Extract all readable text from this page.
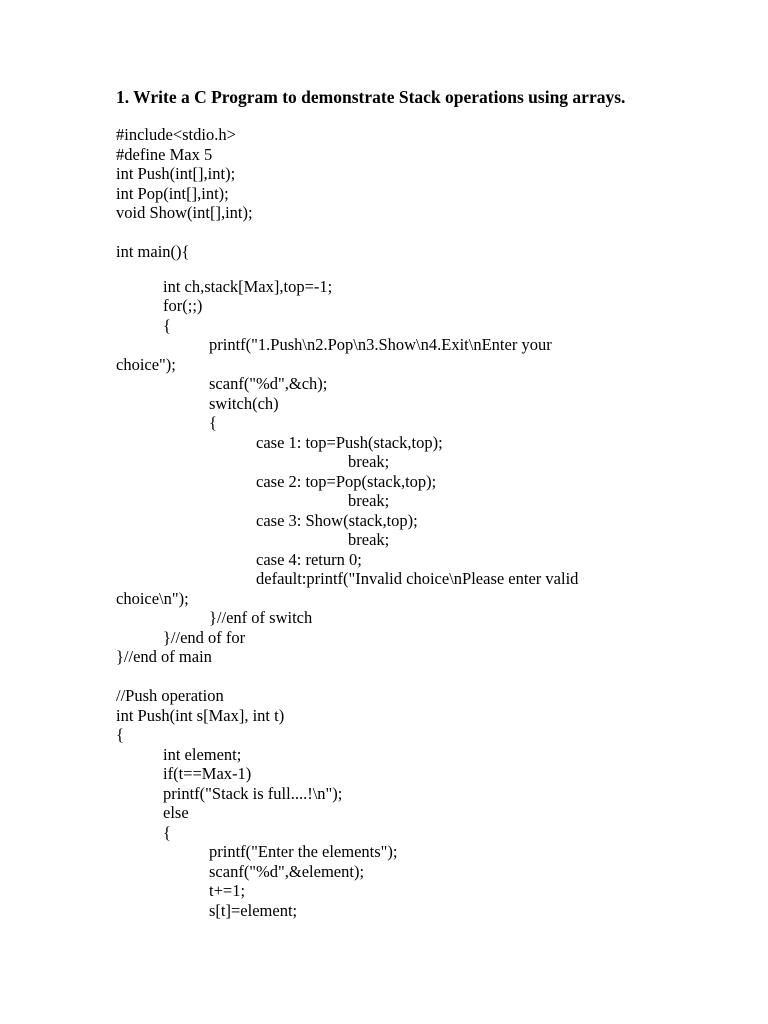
1. Write a C Program to demonstrate Stack operations using arrays.
#include<stdio.h>
#define Max 5
int Push(int[],int);
int Pop(int[],int);
void Show(int[],int);
int main(){
int ch,stack[Max],top=-1;
for(;;)
{
printf("1.Push\n2.Pop\n3.Show\n4.Exit\nEnter your
choice");
scanf("%d",&ch);
switch(ch)
{
case 1: top=Push(stack,top);
break;
case 2: top=Pop(stack,top);
break;
case 3: Show(stack,top);
break;
case 4: return 0;
default:printf("Invalid choice\nPlease enter valid
choice\n");
}//enf of switch
}//end of for
}//end of main
//Push operation
int Push(int s[Max], int t)
{
int element;
if(t==Max-1)
printf("Stack is full....!\n");
else
{
printf("Enter the elements");
scanf("%d",&element);
t+=1;
s[t]=element;
